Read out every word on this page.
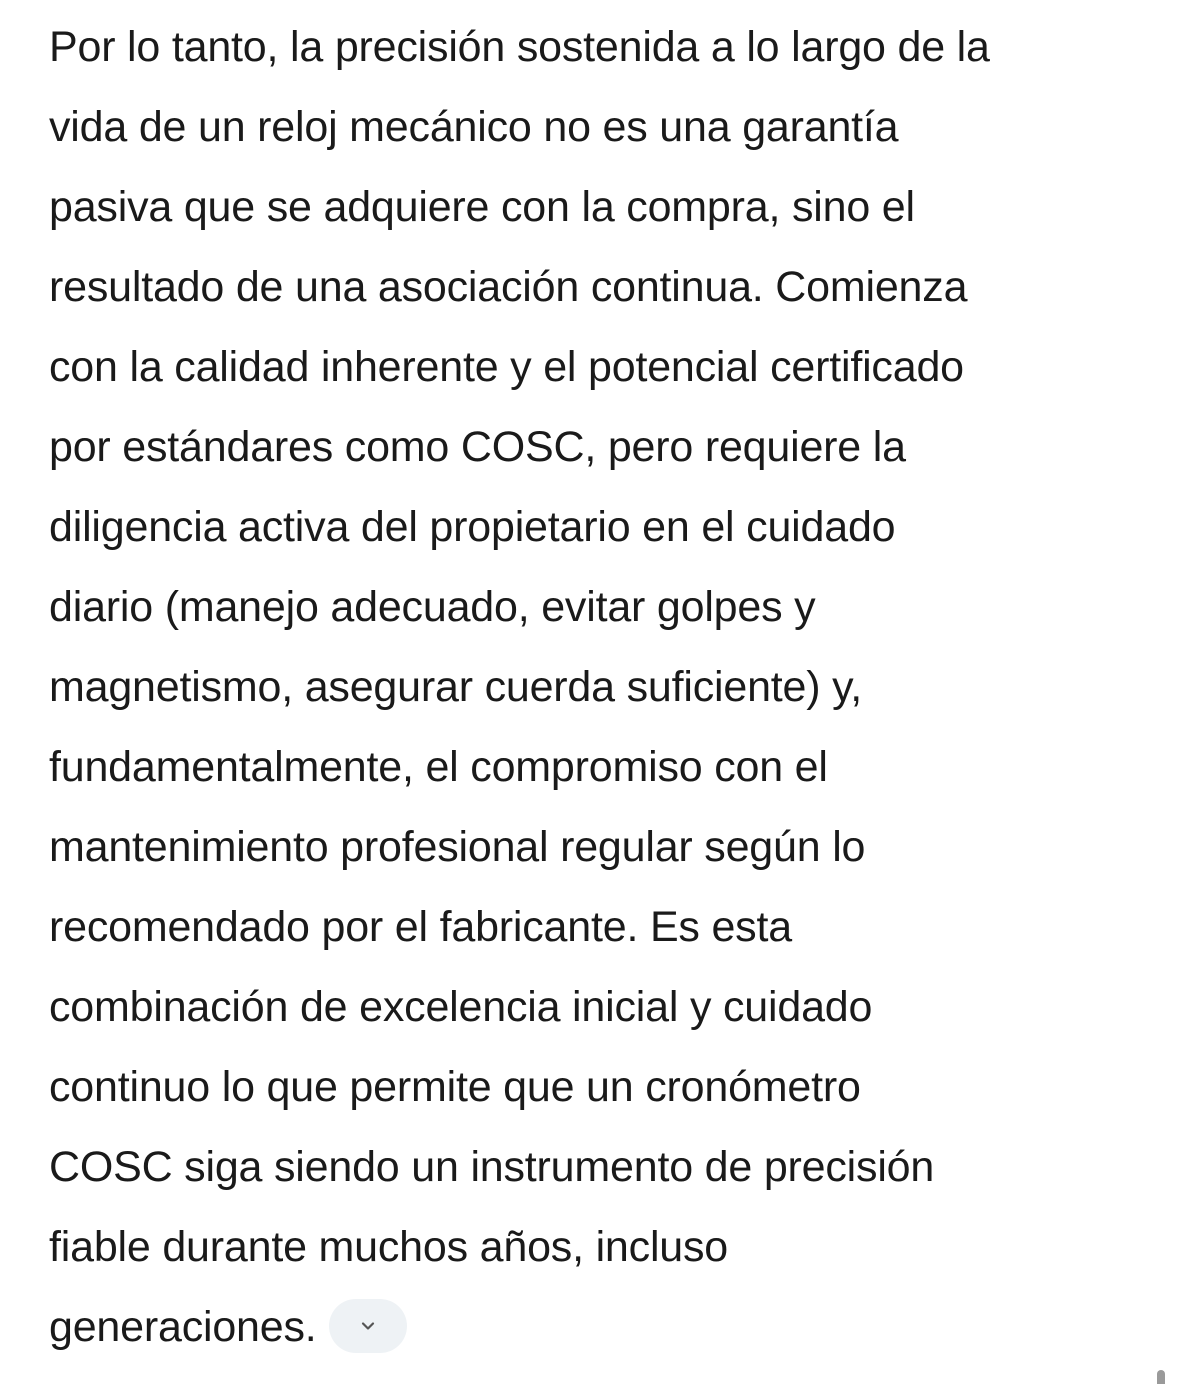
Por lo tanto, la precisión sostenida a lo largo de la
vida de un reloj mecánico no es una garantía
pasiva que se adquiere con la compra, sino el
resultado de una asociación continua. Comienza
con la calidad inherente y el potencial certificado
por estándares como COSC, pero requiere la
diligencia activa del propietario en el cuidado
diario (manejo adecuado, evitar golpes y
magnetismo, asegurar cuerda suficiente) y,
fundamentalmente, el compromiso con el
mantenimiento profesional regular según lo
recomendado por el fabricante. Es esta
combinación de excelencia inicial y cuidado
continuo lo que permite que un cronómetro
COSC siga siendo un instrumento de precisión
fiable durante muchos años, incluso
generaciones.
